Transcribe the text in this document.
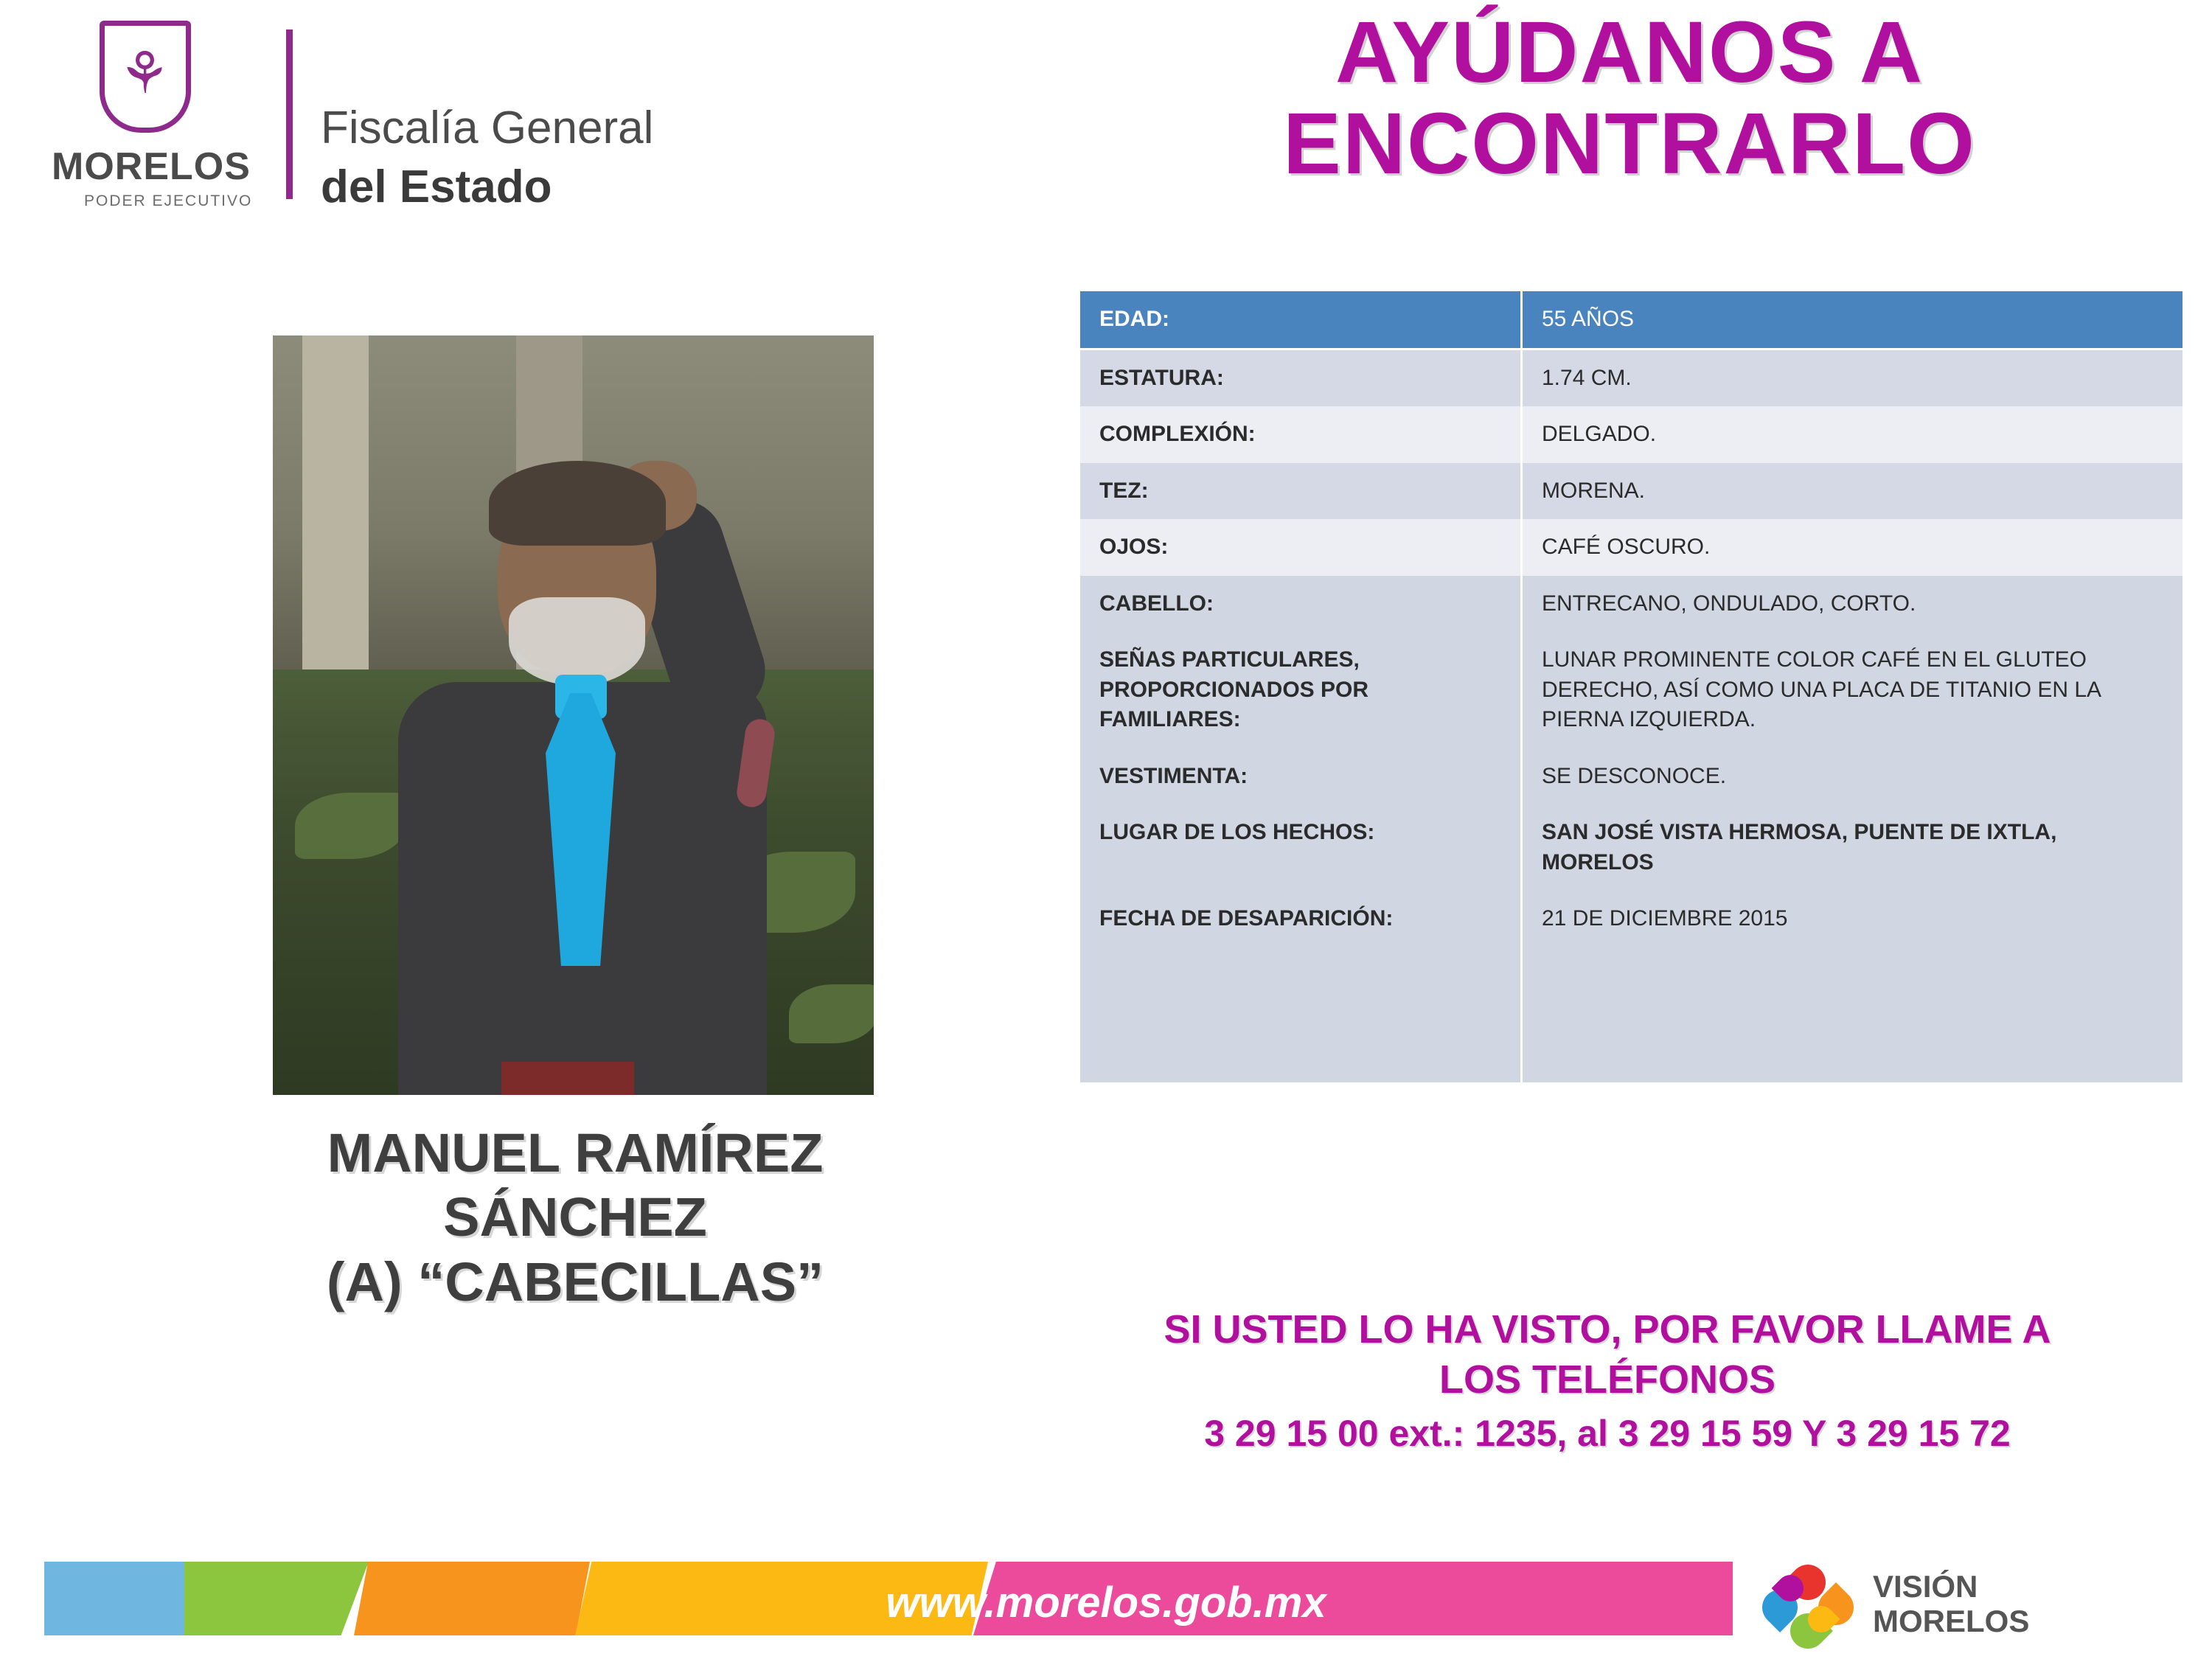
⚘
MORELOS
PODER EJECUTIVO
Fiscalía General
del Estado
AYÚDANOS A ENCONTRARLO
MANUEL RAMÍREZ
SÁNCHEZ
(A) “CABECILLAS”
EDAD:	55 AÑOS
ESTATURA:	1.74 CM.
COMPLEXIÓN:	DELGADO.
TEZ:	MORENA.
OJOS:	CAFÉ OSCURO.
CABELLO:	ENTRECANO, ONDULADO, CORTO.
SEÑAS PARTICULARES, PROPORCIONADOS POR FAMILIARES:	LUNAR PROMINENTE COLOR CAFÉ EN EL GLUTEO DERECHO, ASÍ COMO UNA PLACA DE TITANIO EN LA PIERNA IZQUIERDA.
VESTIMENTA:	SE DESCONOCE.
LUGAR DE LOS HECHOS:	SAN JOSÉ VISTA HERMOSA, PUENTE DE IXTLA, MORELOS
FECHA DE DESAPARICIÓN:	21 DE DICIEMBRE 2015
SI USTED LO HA VISTO, POR FAVOR LLAME A
LOS TELÉFONOS
3 29 15 00 ext.: 1235, al 3 29 15 59 Y 3 29 15 72
www.morelos.gob.mx	VISIÓN
MORELOS
